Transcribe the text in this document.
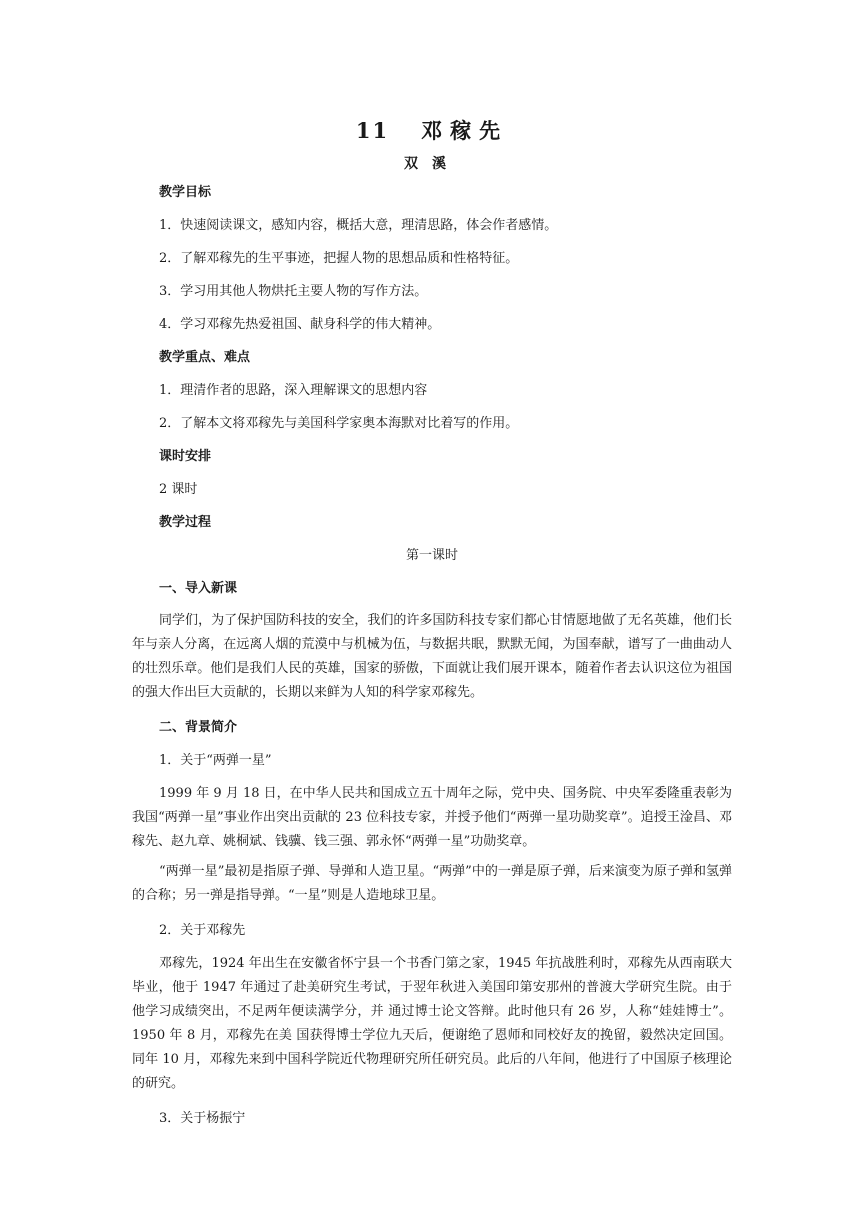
11 邓稼先

双溪

教学目标

1．快速阅读课文，感知内容，概括大意，理清思路，体会作者感情。

2．了解邓稼先的生平事迹，把握人物的思想品质和性格特征。

3．学习用其他人物烘托主要人物的写作方法。

4．学习邓稼先热爱祖国、献身科学的伟大精神。

教学重点、难点

1．理清作者的思路，深入理解课文的思想内容

2．了解本文将邓稼先与美国科学家奥本海默对比着写的作用。

课时安排

2 课时

教学过程

第一课时

一、导入新课

同学们，为了保护国防科技的安全，我们的许多国防科技专家们都心甘情愿地做了无名英雄，他们长年与亲人分离，在远离人烟的荒漠中与机械为伍，与数据共眠，默默无闻，为国奉献，谱写了一曲曲动人的壮烈乐章。他们是我们人民的英雄，国家的骄傲，下面就让我们展开课本，随着作者去认识这位为祖国的强大作出巨大贡献的，长期以来鲜为人知的科学家邓稼先。

二、背景简介

1．关于“两弹一星”

1999 年 9 月 18 日，在中华人民共和国成立五十周年之际，党中央、国务院、中央军委隆重表彰为我国“两弹一星”事业作出突出贡献的 23 位科技专家，并授予他们“两弹一星功勋奖章”。追授王淦昌、邓稼先、赵九章、姚桐斌、钱骥、钱三强、郭永怀“两弹一星”功勋奖章。

“两弹一星”最初是指原子弹、导弹和人造卫星。“两弹”中的一弹是原子弹，后来演变为原子弹和氢弹的合称；另一弹是指导弹。“一星”则是人造地球卫星。

2．关于邓稼先

邓稼先，1924 年出生在安徽省怀宁县一个书香门第之家，1945 年抗战胜利时，邓稼先从西南联大毕业，他于 1947 年通过了赴美研究生考试，于翌年秋进入美国印第安那州的普渡大学研究生院。由于他学习成绩突出，不足两年便读满学分，并 通过博士论文答辩。此时他只有 26 岁，人称“娃娃博士”。1950 年 8 月，邓稼先在美 国获得博士学位九天后，便谢绝了恩师和同校好友的挽留，毅然决定回国。同年 10 月，邓稼先来到中国科学院近代物理研究所任研究员。此后的八年间，他进行了中国原子核理论的研究。

3．关于杨振宁
